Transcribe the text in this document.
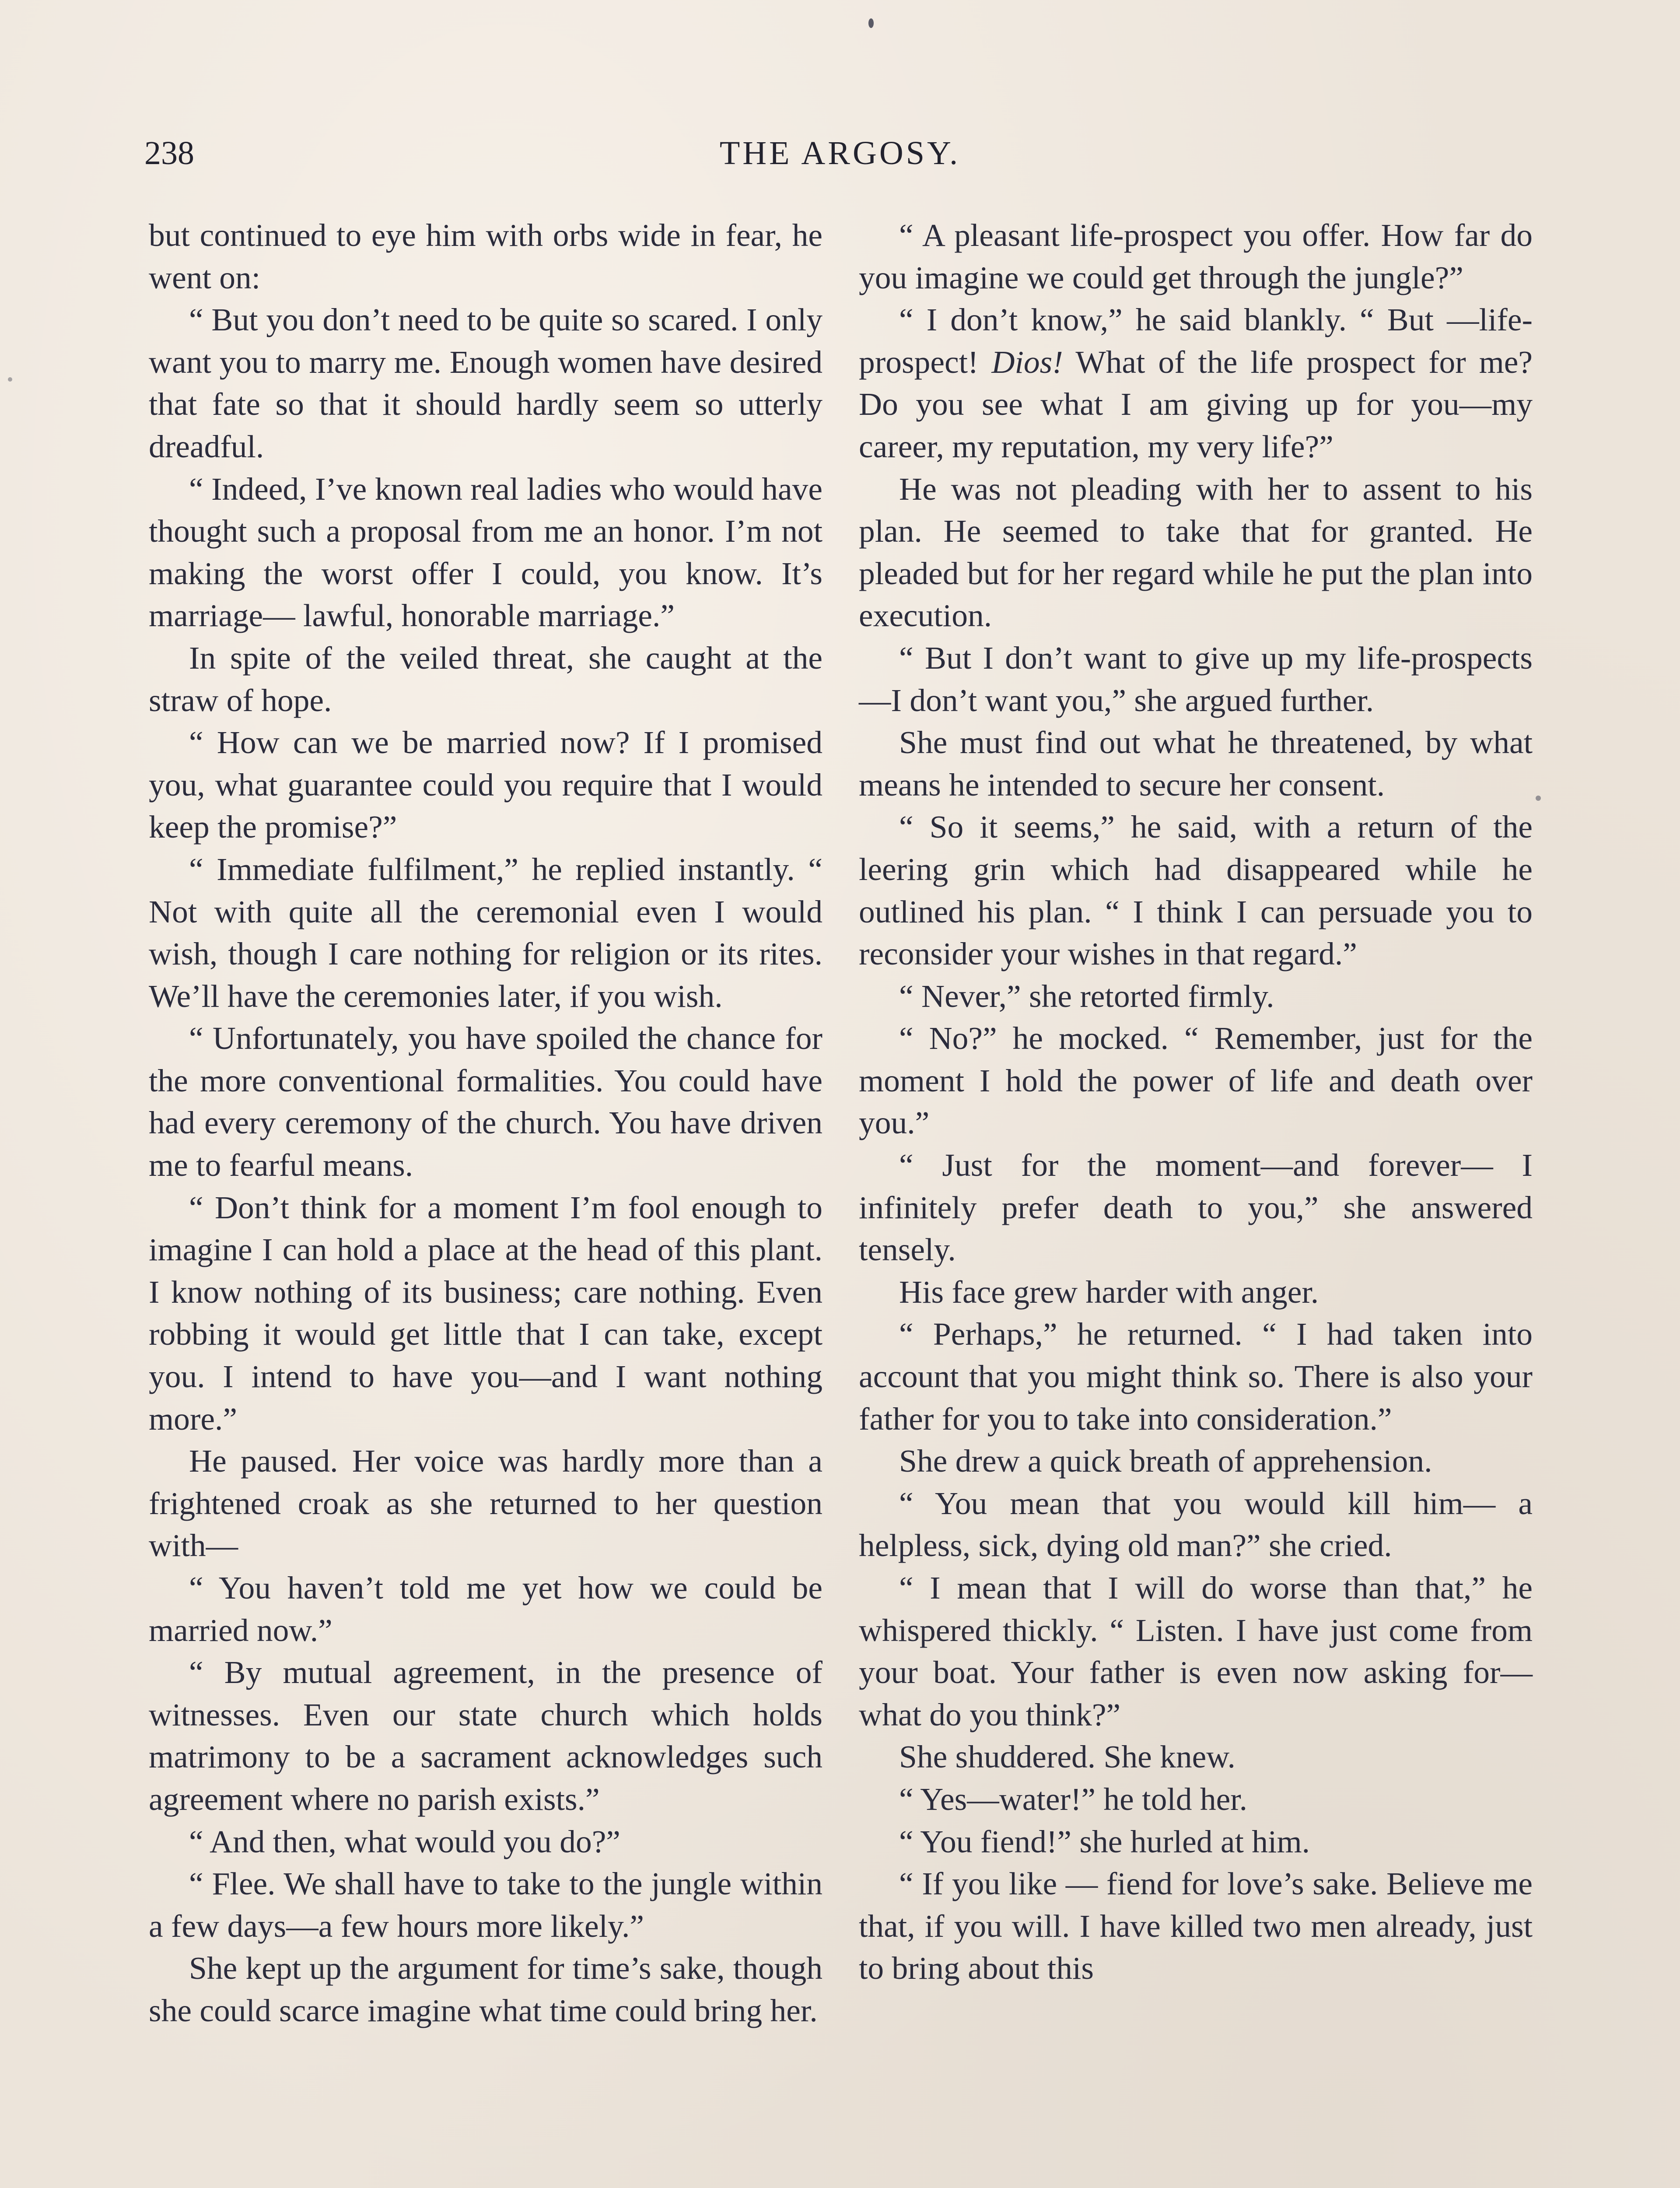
238	THE ARGOSY.

but continued to eye him with orbs wide in fear, he went on:

“ But you don’t need to be quite so scared. I only want you to marry me. Enough women have desired that fate so that it should hardly seem so utterly dreadful.

“ Indeed, I’ve known real ladies who would have thought such a proposal from me an honor. I’m not making the worst offer I could, you know. It’s marriage— lawful, honorable marriage.”

In spite of the veiled threat, she caught at the straw of hope.

“ How can we be married now? If I promised you, what guarantee could you require that I would keep the promise?”

“ Immediate fulfilment,” he replied instantly. “ Not with quite all the ceremonial even I would wish, though I care nothing for religion or its rites. We’ll have the ceremonies later, if you wish.

“ Unfortunately, you have spoiled the chance for the more conventional formalities. You could have had every ceremony of the church. You have driven me to fearful means.

“ Don’t think for a moment I’m fool enough to imagine I can hold a place at the head of this plant. I know nothing of its business; care nothing. Even robbing it would get little that I can take, except you. I intend to have you—and I want nothing more.”

He paused. Her voice was hardly more than a frightened croak as she returned to her question with—

“ You haven’t told me yet how we could be married now.”

“ By mutual agreement, in the presence of witnesses. Even our state church which holds matrimony to be a sacrament acknowledges such agreement where no parish exists.”

“ And then, what would you do?”

“ Flee. We shall have to take to the jungle within a few days—a few hours more likely.”

She kept up the argument for time’s sake, though she could scarce imagine what time could bring her.

“ A pleasant life-prospect you offer. How far do you imagine we could get through the jungle?”

“ I don’t know,” he said blankly. “ But —life-prospect! Dios! What of the life prospect for me? Do you see what I am giving up for you—my career, my reputation, my very life?”

He was not pleading with her to assent to his plan. He seemed to take that for granted. He pleaded but for her regard while he put the plan into execution.

“ But I don’t want to give up my life-prospects—I don’t want you,” she argued further.

She must find out what he threatened, by what means he intended to secure her consent.

“ So it seems,” he said, with a return of the leering grin which had disappeared while he outlined his plan. “ I think I can persuade you to reconsider your wishes in that regard.”

“ Never,” she retorted firmly.

“ No?” he mocked. “ Remember, just for the moment I hold the power of life and death over you.”

“ Just for the moment—and forever— I infinitely prefer death to you,” she answered tensely.

His face grew harder with anger.

“ Perhaps,” he returned. “ I had taken into account that you might think so. There is also your father for you to take into consideration.”

She drew a quick breath of apprehension.

“ You mean that you would kill him— a helpless, sick, dying old man?” she cried.

“ I mean that I will do worse than that,” he whispered thickly. “ Listen. I have just come from your boat. Your father is even now asking for—what do you think?”

She shuddered. She knew.

“ Yes—water!” he told her.

“ You fiend!” she hurled at him.

“ If you like — fiend for love’s sake. Believe me that, if you will. I have killed two men already, just to bring about this
